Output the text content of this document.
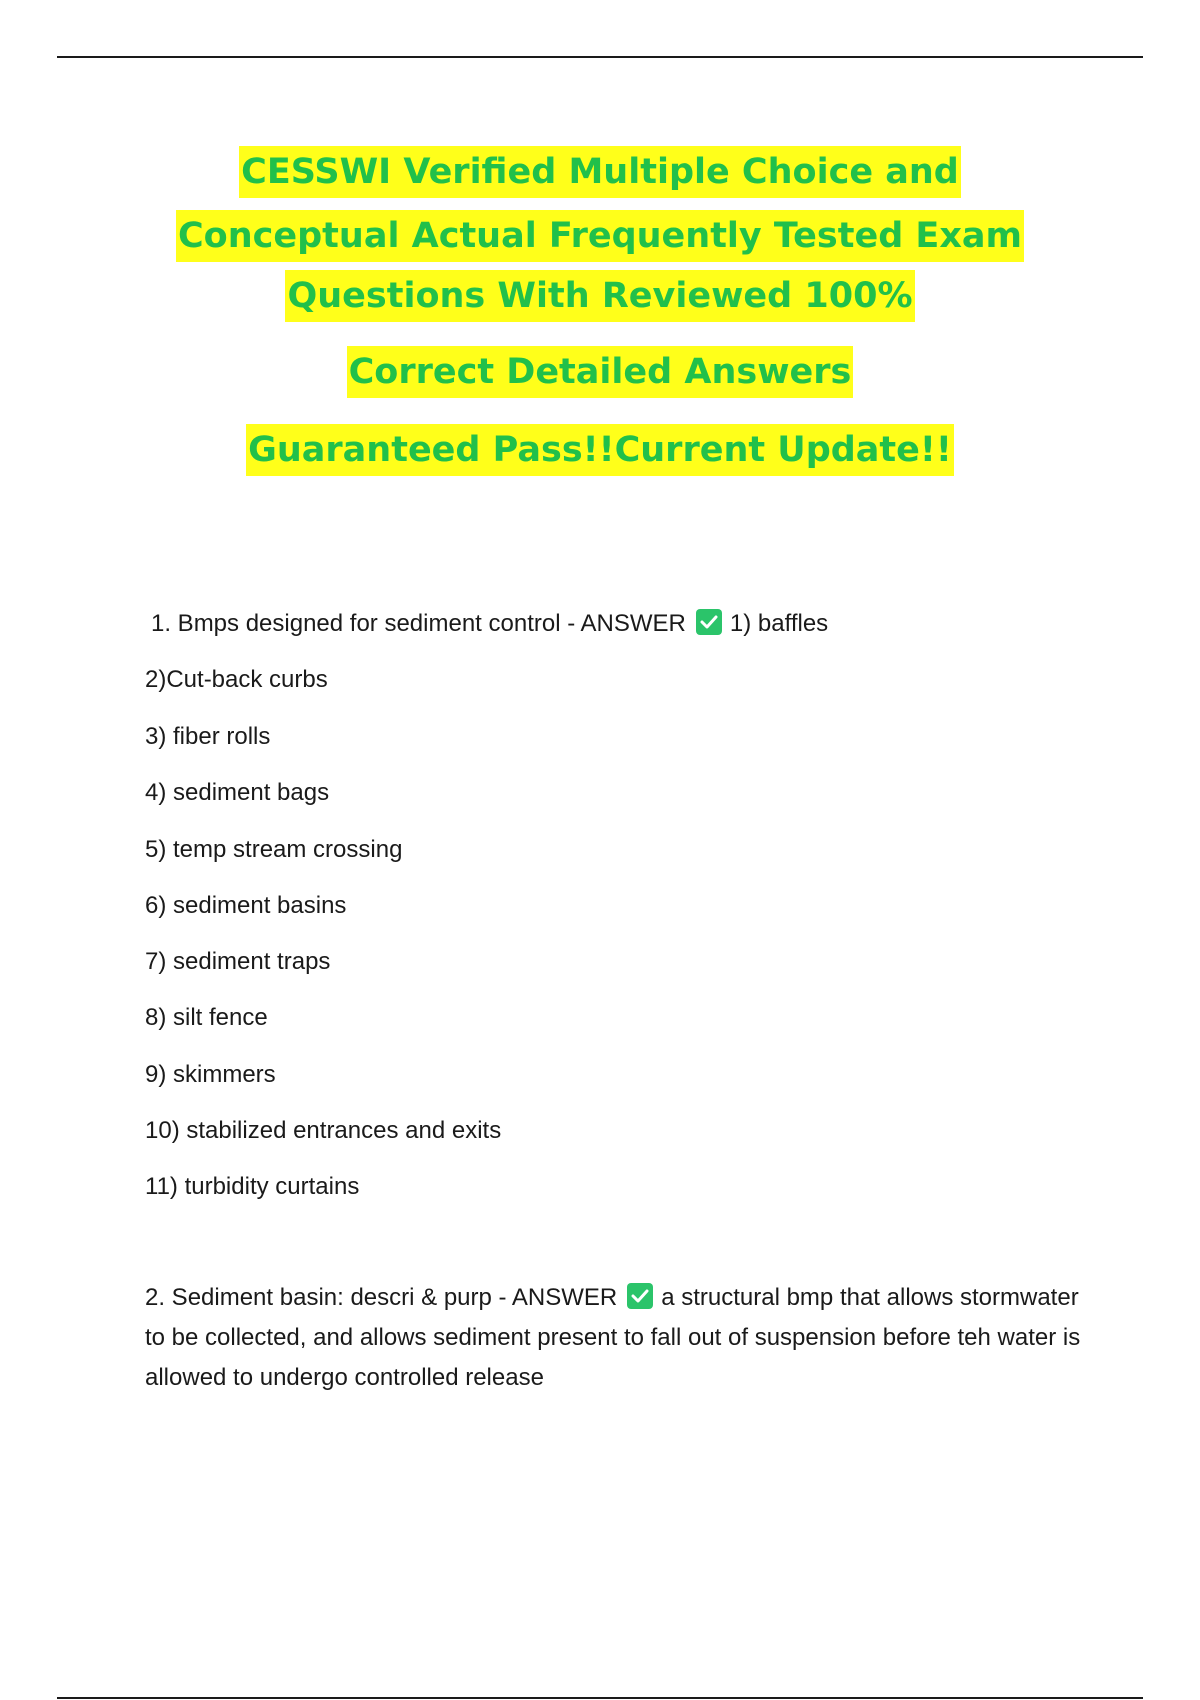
CESSWI Verified Multiple Choice and
Conceptual Actual Frequently Tested Exam
Questions With Reviewed 100%
Correct Detailed Answers
Guaranteed Pass!!Current Update!!
1. Bmps designed for sediment control - ANSWER 1) baffles
2)Cut-back curbs
3) fiber rolls
4) sediment bags
5) temp stream crossing
6) sediment basins
7) sediment traps
8) silt fence
9) skimmers
10) stabilized entrances and exits
11) turbidity curtains
2. Sediment basin: descri & purp - ANSWER a structural bmp that allows stormwater to be collected, and allows sediment present to fall out of suspension before teh water is allowed to undergo controlled release
